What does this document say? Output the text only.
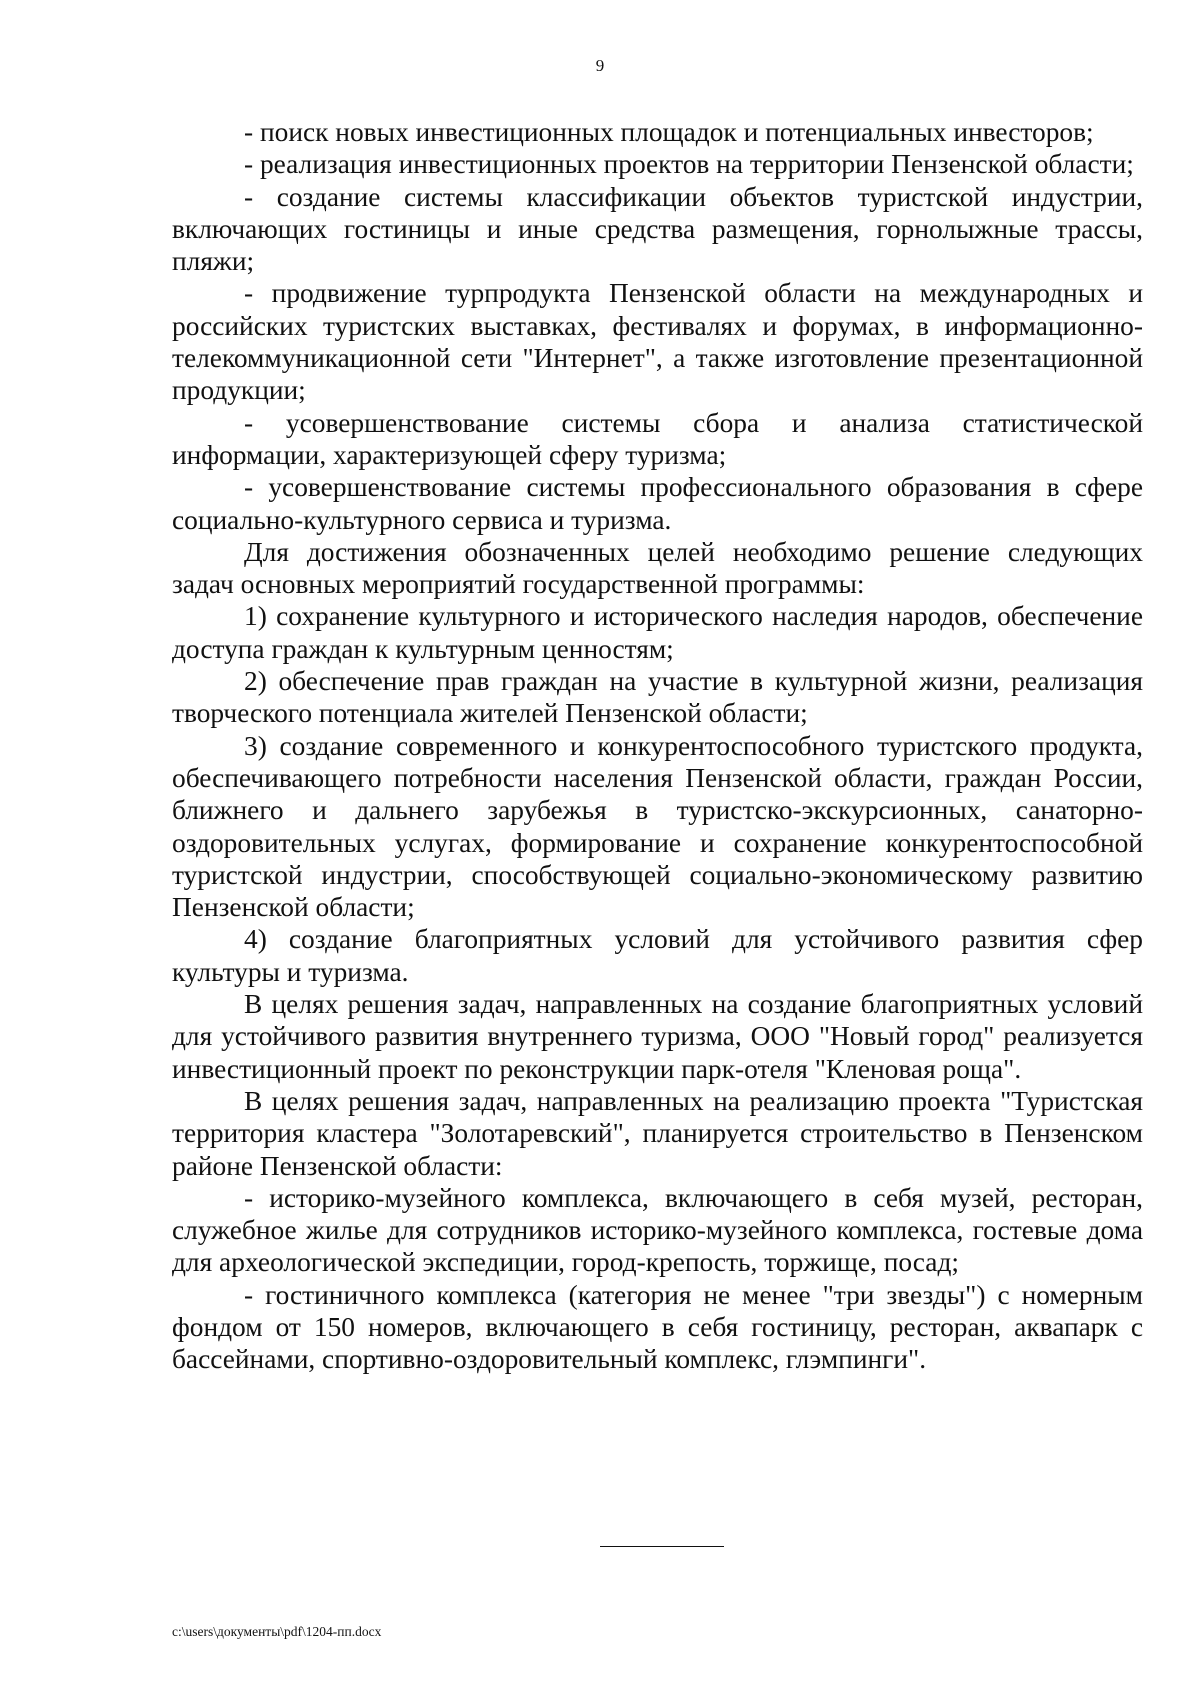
9

- поиск новых инвестиционных площадок и потенциальных инвесторов;

- реализация инвестиционных проектов на территории Пензенской области;

- создание системы классификации объектов туристской индустрии, включающих гостиницы и иные средства размещения, горнолыжные трассы, пляжи;

- продвижение турпродукта Пензенской области на международных и российских туристских выставках, фестивалях и форумах, в информационно-телекоммуникационной сети "Интернет", а также изготовление презентационной продукции;

- усовершенствование системы сбора и анализа статистической информации, характеризующей сферу туризма;

- усовершенствование системы профессионального образования в сфере социально-культурного сервиса и туризма.

Для достижения обозначенных целей необходимо решение следующих задач основных мероприятий государственной программы:

1) сохранение культурного и исторического наследия народов, обеспечение доступа граждан к культурным ценностям;

2) обеспечение прав граждан на участие в культурной жизни, реализация творческого потенциала жителей Пензенской области;

3) создание современного и конкурентоспособного туристского продукта, обеспечивающего потребности населения Пензенской области, граждан России, ближнего и дальнего зарубежья в туристско-экскурсионных, санаторно-оздоровительных услугах, формирование и сохранение конкурентоспособной туристской индустрии, способствующей социально-экономическому развитию Пензенской области;

4) создание благоприятных условий для устойчивого развития сфер культуры и туризма.

В целях решения задач, направленных на создание благоприятных условий для устойчивого развития внутреннего туризма, ООО "Новый город" реализуется инвестиционный проект по реконструкции парк-отеля "Кленовая роща".

В целях решения задач, направленных на реализацию проекта "Туристская территория кластера "Золотаревский", планируется строительство в Пензенском районе Пензенской области:

- историко-музейного комплекса, включающего в себя музей, ресторан, служебное жилье для сотрудников историко-музейного комплекса, гостевые дома для археологической экспедиции, город-крепость, торжище, посад;

- гостиничного комплекса (категория не менее "три звезды") с номерным фондом от 150 номеров, включающего в себя гостиницу, ресторан, аквапарк с бассейнами, спортивно-оздоровительный комплекс, глэмпинги".

c:\users\документы\pdf\1204-пп.docx
